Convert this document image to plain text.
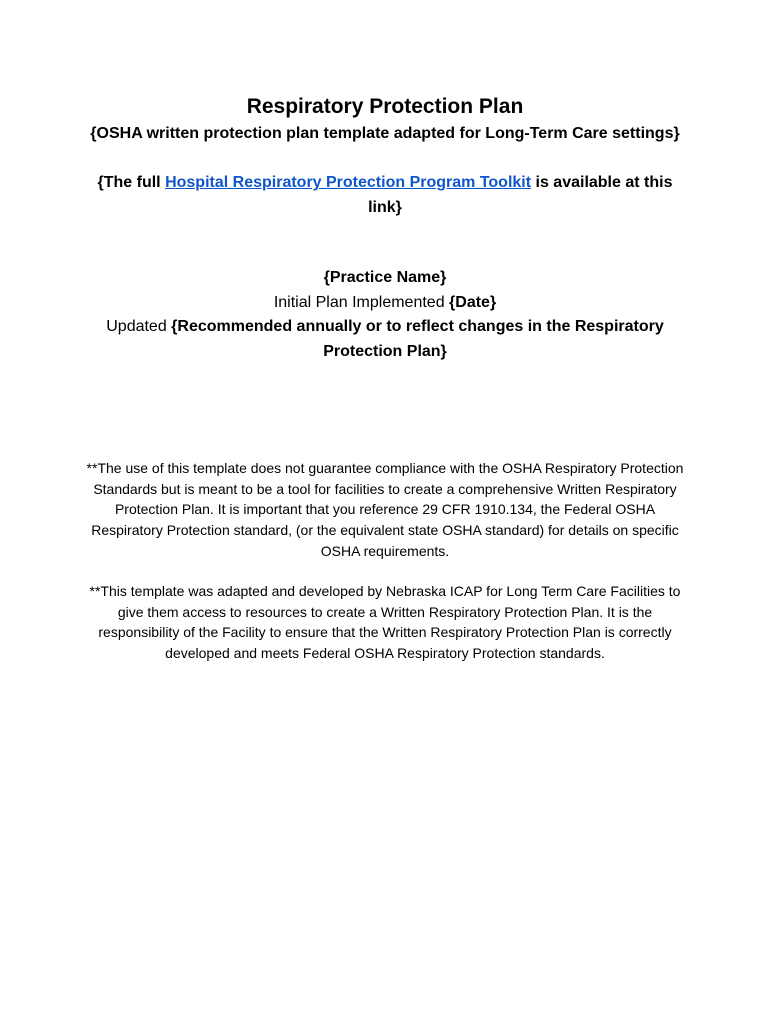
Respiratory Protection Plan

{OSHA written protection plan template adapted for Long-Term Care settings}

{The full Hospital Respiratory Protection Program Toolkit is available at this link}

{Practice Name}
Initial Plan Implemented {Date}
Updated {Recommended annually or to reflect changes in the Respiratory Protection Plan}

**The use of this template does not guarantee compliance with the OSHA Respiratory Protection Standards but is meant to be a tool for facilities to create a comprehensive Written Respiratory Protection Plan. It is important that you reference 29 CFR 1910.134, the Federal OSHA Respiratory Protection standard, (or the equivalent state OSHA standard) for details on specific OSHA requirements.

**This template was adapted and developed by Nebraska ICAP for Long Term Care Facilities to give them access to resources to create a Written Respiratory Protection Plan. It is the responsibility of the Facility to ensure that the Written Respiratory Protection Plan is correctly developed and meets Federal OSHA Respiratory Protection standards.
